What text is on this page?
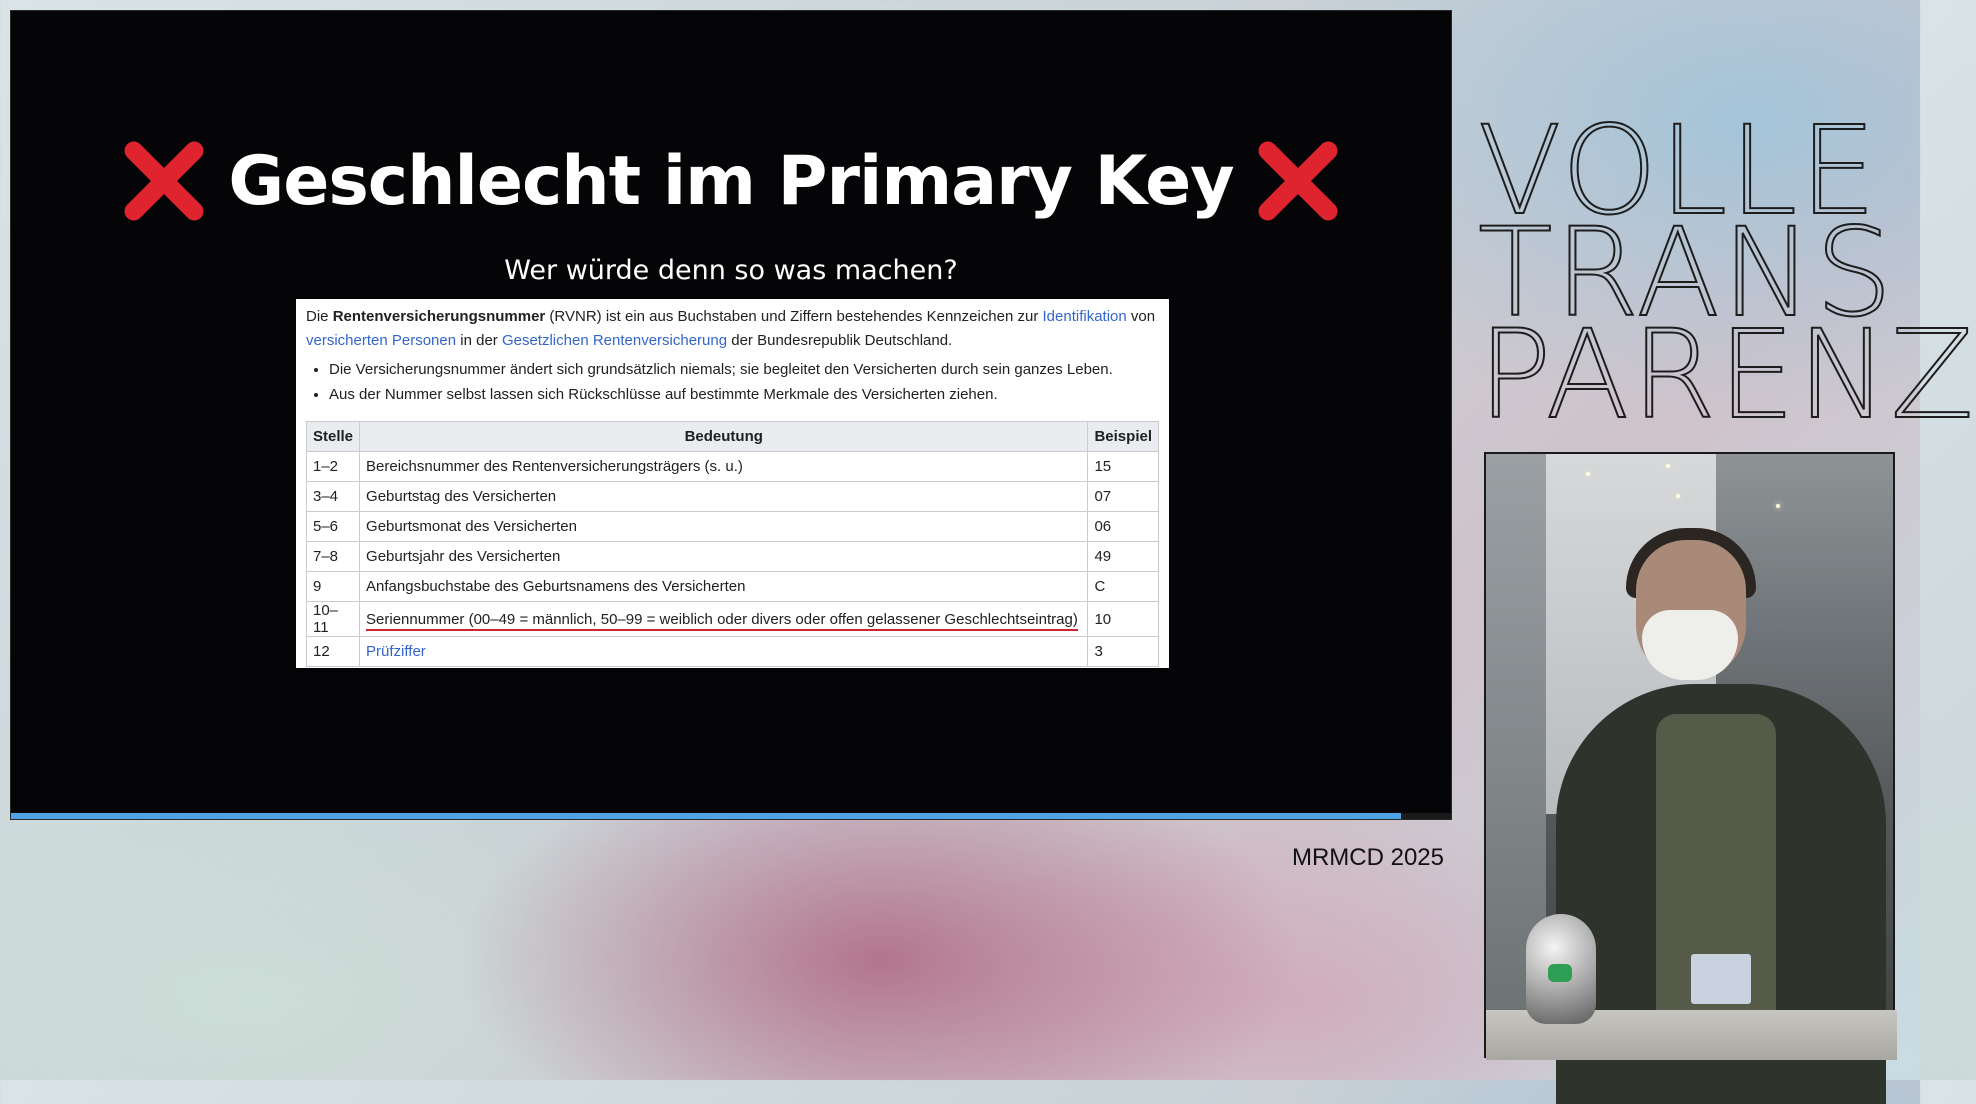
Geschlecht im Primary Key
Wer würde denn so was machen?

Die Rentenversicherungsnummer (RVNR) ist ein aus Buchstaben und Ziffern bestehendes Kennzeichen zur Identifikation von versicherten Personen in der Gesetzlichen Rentenversicherung der Bundesrepublik Deutschland.

• Die Versicherungsnummer ändert sich grundsätzlich niemals; sie begleitet den Versicherten durch sein ganzes Leben.
• Aus der Nummer selbst lassen sich Rückschlüsse auf bestimmte Merkmale des Versicherten ziehen.
Stelle	Bedeutung	Beispiel
1–2	Bereichsnummer des Rentenversicherungsträgers (s. u.)	15
3–4	Geburtstag des Versicherten	07
5–6	Geburtsmonat des Versicherten	06
7–8	Geburtsjahr des Versicherten	49
9	Anfangsbuchstabe des Geburtsnamens des Versicherten	C
10–11	Seriennummer (00–49 = männlich, 50–99 = weiblich oder divers oder offen gelassener Geschlechtseintrag)	10
12	Prüfziffer	3
VOLLE
TRANS
PARENZ
MRMCD 2025
